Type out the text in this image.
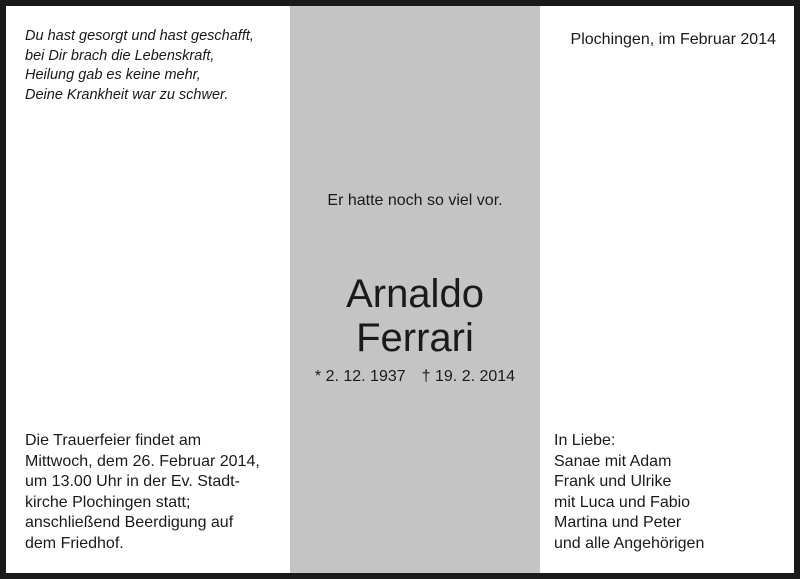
Du hast gesorgt und hast geschafft,
bei Dir brach die Lebenskraft,
Heilung gab es keine mehr,
Deine Krankheit war zu schwer.
Plochingen, im Februar 2014
Er hatte noch so viel vor.
Arnaldo
Ferrari
* 2. 12. 1937 † 19. 2. 2014
Die Trauerfeier findet am
Mittwoch, dem 26. Februar 2014,
um 13.00 Uhr in der Ev. Stadt-
kirche Plochingen statt;
anschließend Beerdigung auf
dem Friedhof.
In Liebe:
Sanae mit Adam
Frank und Ulrike
mit Luca und Fabio
Martina und Peter
und alle Angehörigen
